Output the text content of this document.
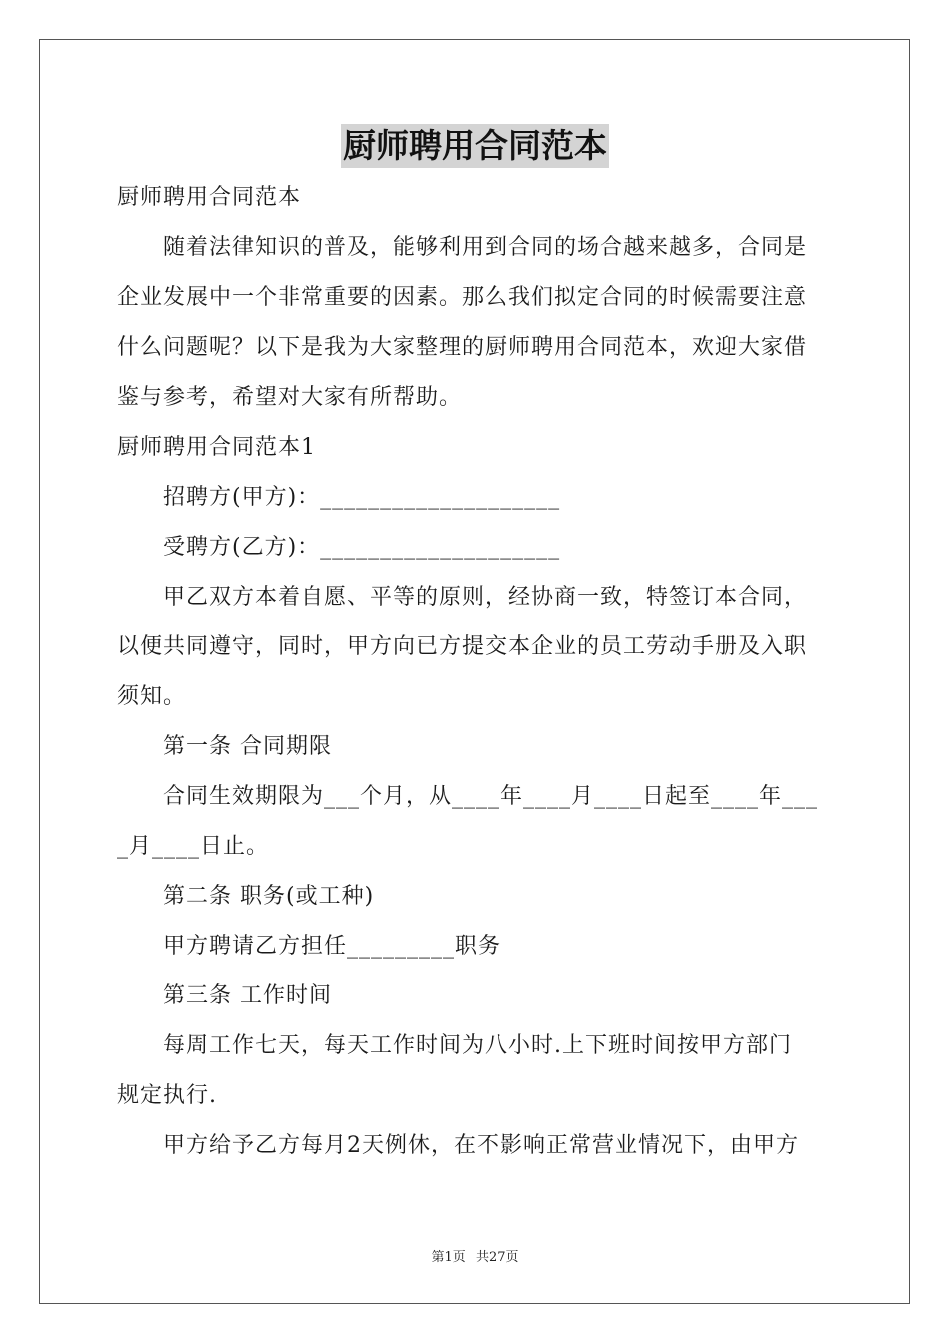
厨师聘用合同范本
厨师聘用合同范本
　　随着法律知识的普及，能够利用到合同的场合越来越多，合同是
企业发展中一个非常重要的因素。那么我们拟定合同的时候需要注意
什么问题呢？以下是我为大家整理的厨师聘用合同范本，欢迎大家借
鉴与参考，希望对大家有所帮助。
厨师聘用合同范本1
　　招聘方(甲方)：____________________
　　受聘方(乙方)：____________________
　　甲乙双方本着自愿、平等的原则，经协商一致，特签订本合同，
以便共同遵守，同时，甲方向已方提交本企业的员工劳动手册及入职
须知。
　　第一条 合同期限
　　合同生效期限为___个月，从____年____月____日起至____年___
_月____日止。
　　第二条 职务(或工种)
　　甲方聘请乙方担任_________职务
　　第三条 工作时间
　　每周工作七天，每天工作时间为八小时.上下班时间按甲方部门
规定执行.
　　甲方给予乙方每月2天例休，在不影响正常营业情况下，由甲方
第1页 共27页
